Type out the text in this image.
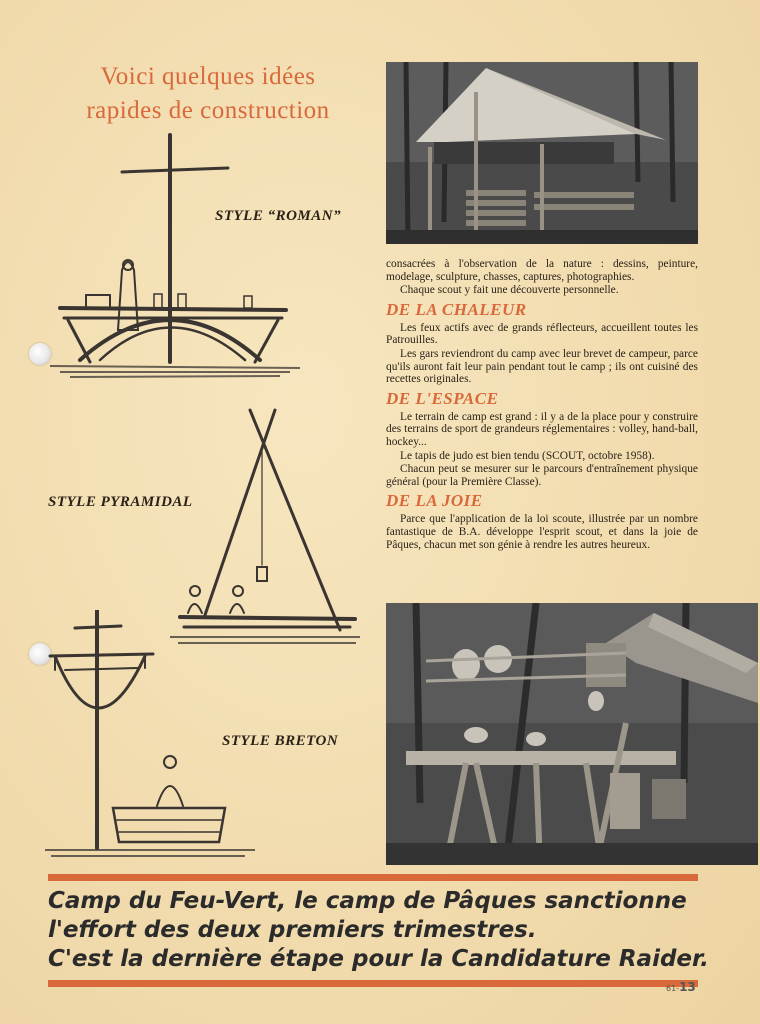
Voici quelques idées
rapides de construction
STYLE “ROMAN”
STYLE PYRAMIDAL
STYLE BRETON

consacrées à l'observation de la nature : dessins, peinture, modelage, sculpture, chasses, captures, photographies.

Chaque scout y fait une découverte personnelle.

DE LA CHALEUR

Les feux actifs avec de grands réflecteurs, accueillent toutes les Patrouilles.

Les gars reviendront du camp avec leur brevet de campeur, parce qu'ils auront fait leur pain pendant tout le camp ; ils ont cuisiné des recettes originales.

DE L'ESPACE

Le terrain de camp est grand : il y a de la place pour y construire des terrains de sport de grandeurs réglementaires : volley, hand-ball, hockey...

Le tapis de judo est bien tendu (SCOUT, octobre 1958).

Chacun peut se mesurer sur le parcours d'entraînement physique général (pour la Première Classe).

DE LA JOIE

Parce que l'application de la loi scoute, illustrée par un nombre fantastique de B.A. développe l'esprit scout, et dans la joie de Pâques, chacun met son génie à rendre les autres heureux.

Camp du Feu-Vert, le camp de Pâques sanctionne
l'effort des deux premiers trimestres.
C'est la dernière étape pour la Candidature Raider.
61-13
